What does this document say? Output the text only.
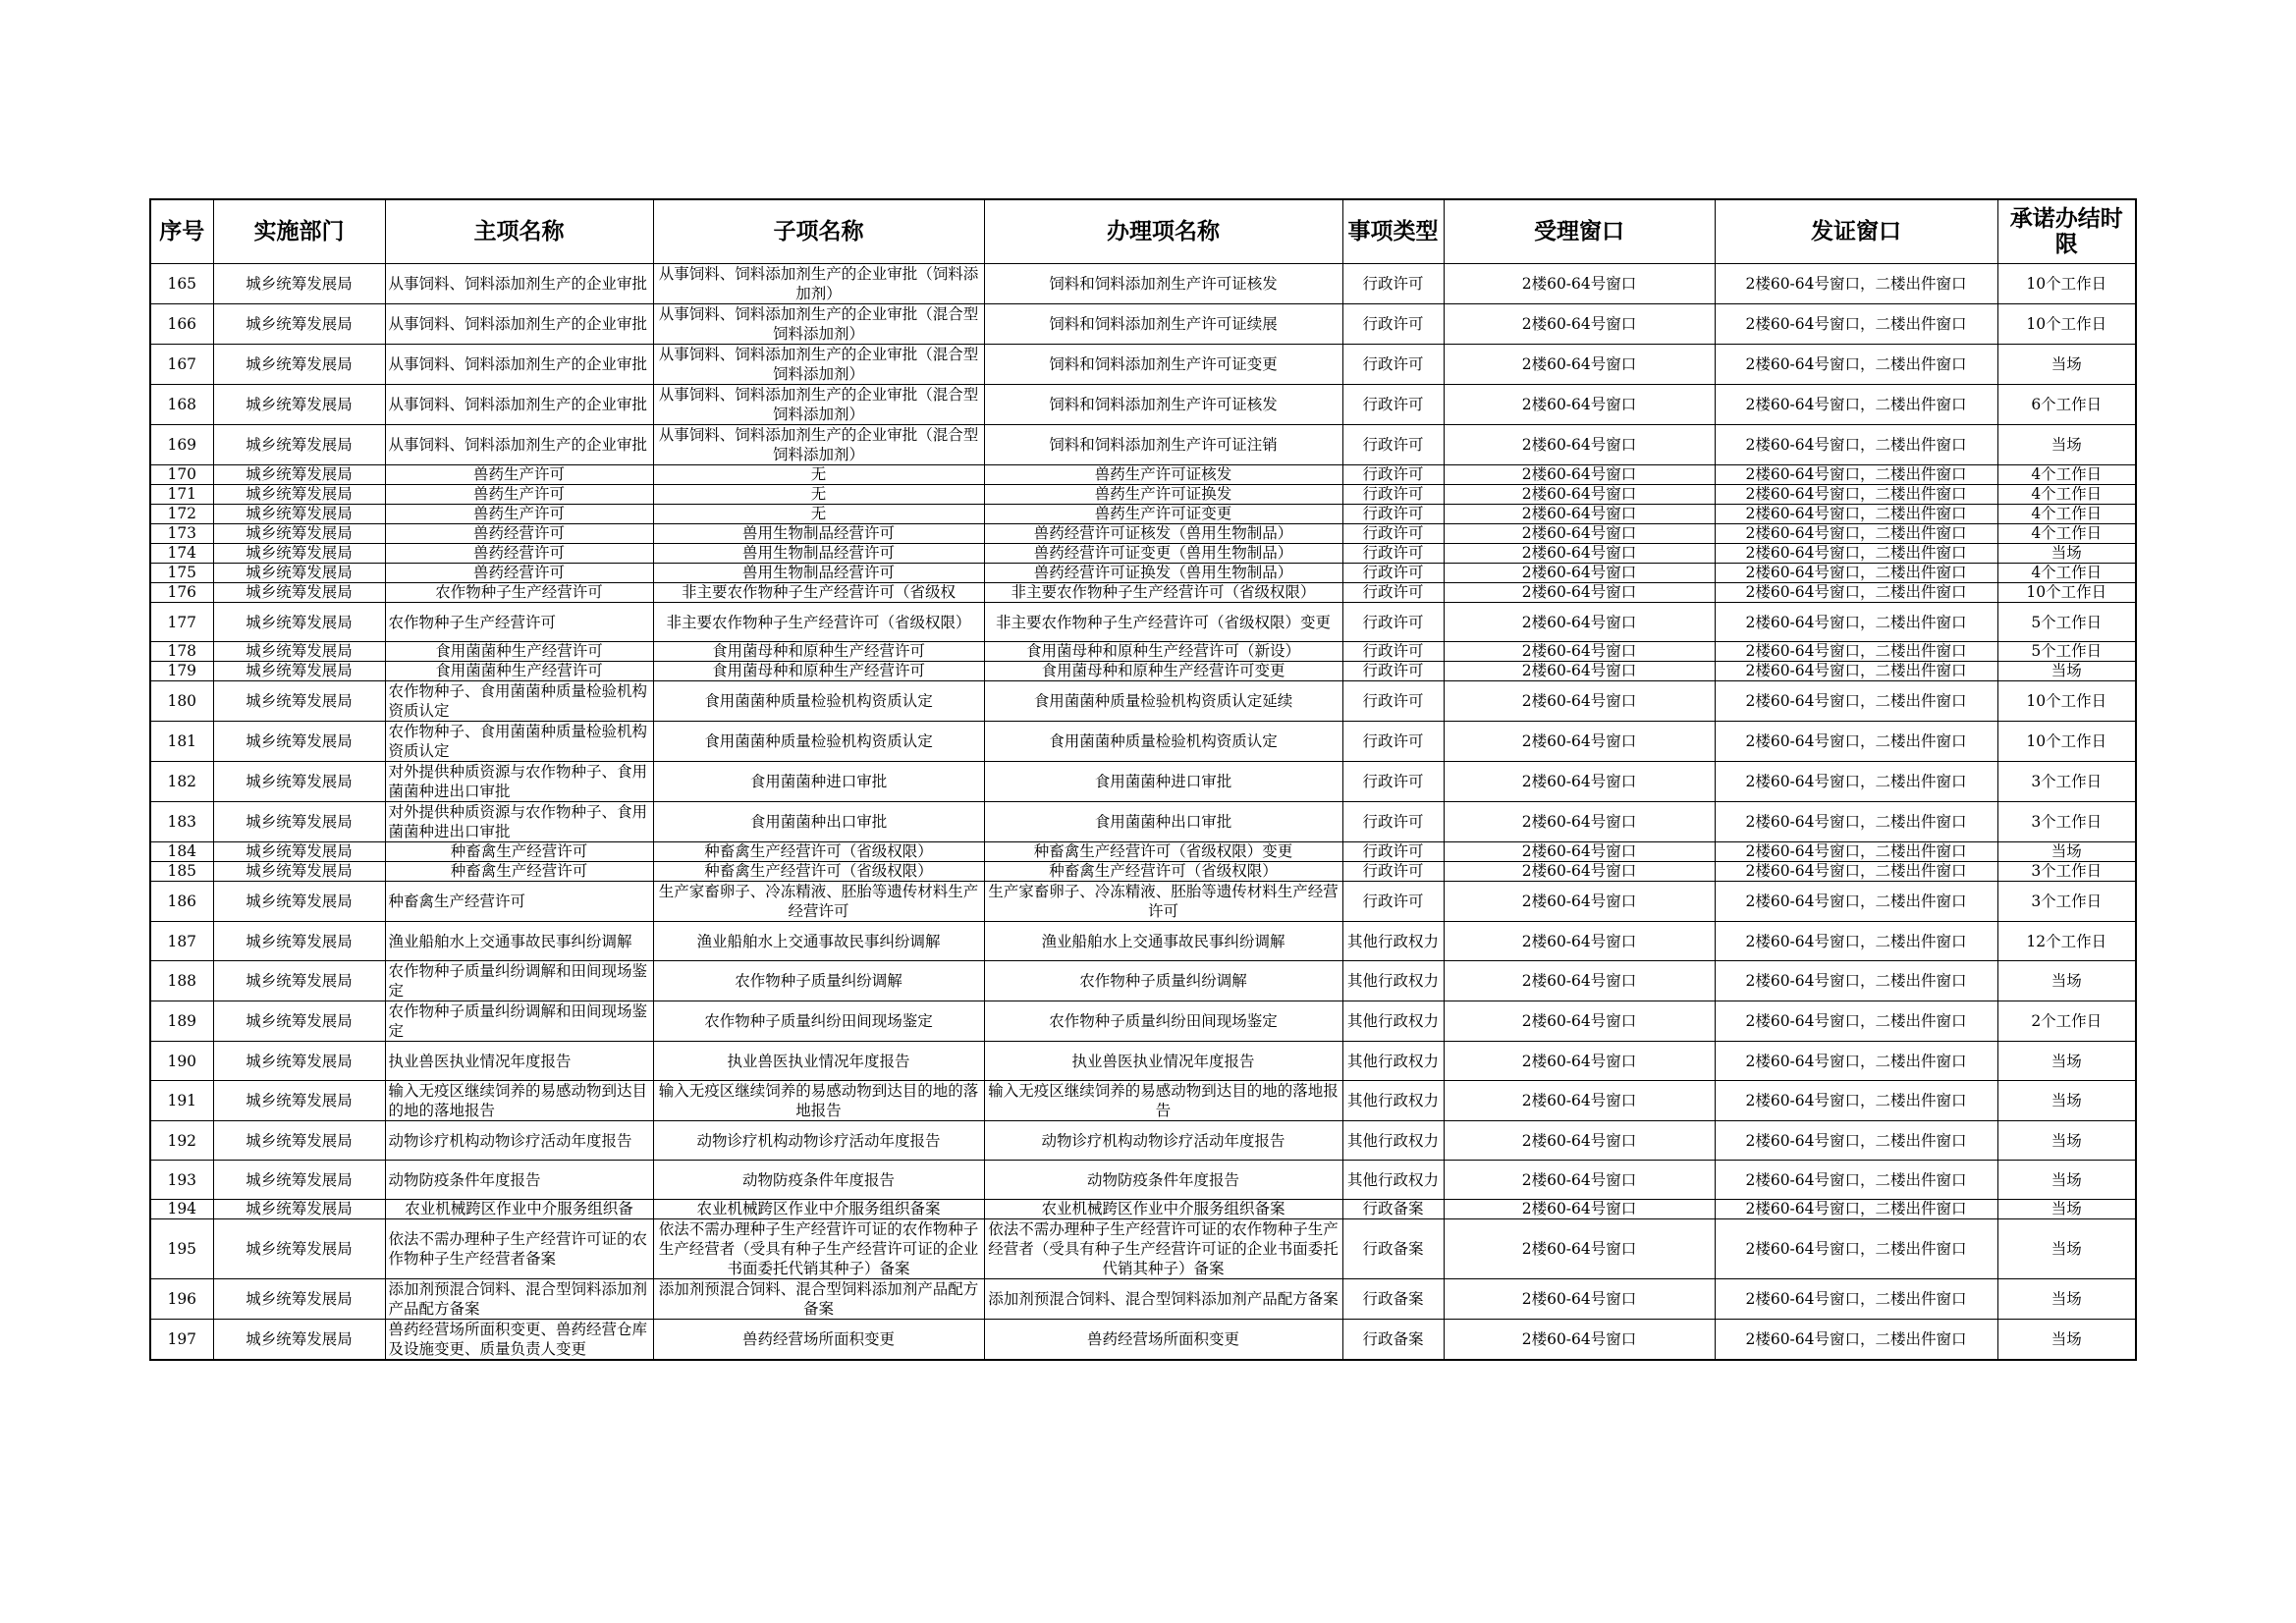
序号	实施部门	主项名称	子项名称	办理项名称	事项类型	受理窗口	发证窗口	承诺办结时限
165	城乡统筹发展局	从事饲料、饲料添加剂生产的企业审批	从事饲料、饲料添加剂生产的企业审批（饲料添加剂）	饲料和饲料添加剂生产许可证核发	行政许可	2楼60-64号窗口	2楼60-64号窗口，二楼出件窗口	10个工作日
166	城乡统筹发展局	从事饲料、饲料添加剂生产的企业审批	从事饲料、饲料添加剂生产的企业审批（混合型饲料添加剂）	饲料和饲料添加剂生产许可证续展	行政许可	2楼60-64号窗口	2楼60-64号窗口，二楼出件窗口	10个工作日
167	城乡统筹发展局	从事饲料、饲料添加剂生产的企业审批	从事饲料、饲料添加剂生产的企业审批（混合型饲料添加剂）	饲料和饲料添加剂生产许可证变更	行政许可	2楼60-64号窗口	2楼60-64号窗口，二楼出件窗口	当场
168	城乡统筹发展局	从事饲料、饲料添加剂生产的企业审批	从事饲料、饲料添加剂生产的企业审批（混合型饲料添加剂）	饲料和饲料添加剂生产许可证核发	行政许可	2楼60-64号窗口	2楼60-64号窗口，二楼出件窗口	6个工作日
169	城乡统筹发展局	从事饲料、饲料添加剂生产的企业审批	从事饲料、饲料添加剂生产的企业审批（混合型饲料添加剂）	饲料和饲料添加剂生产许可证注销	行政许可	2楼60-64号窗口	2楼60-64号窗口，二楼出件窗口	当场
170	城乡统筹发展局	兽药生产许可	无	兽药生产许可证核发	行政许可	2楼60-64号窗口	2楼60-64号窗口，二楼出件窗口	4个工作日
171	城乡统筹发展局	兽药生产许可	无	兽药生产许可证换发	行政许可	2楼60-64号窗口	2楼60-64号窗口，二楼出件窗口	4个工作日
172	城乡统筹发展局	兽药生产许可	无	兽药生产许可证变更	行政许可	2楼60-64号窗口	2楼60-64号窗口，二楼出件窗口	4个工作日
173	城乡统筹发展局	兽药经营许可	兽用生物制品经营许可	兽药经营许可证核发（兽用生物制品）	行政许可	2楼60-64号窗口	2楼60-64号窗口，二楼出件窗口	4个工作日
174	城乡统筹发展局	兽药经营许可	兽用生物制品经营许可	兽药经营许可证变更（兽用生物制品）	行政许可	2楼60-64号窗口	2楼60-64号窗口，二楼出件窗口	当场
175	城乡统筹发展局	兽药经营许可	兽用生物制品经营许可	兽药经营许可证换发（兽用生物制品）	行政许可	2楼60-64号窗口	2楼60-64号窗口，二楼出件窗口	4个工作日
176	城乡统筹发展局	农作物种子生产经营许可	非主要农作物种子生产经营许可（省级权	非主要农作物种子生产经营许可（省级权限）	行政许可	2楼60-64号窗口	2楼60-64号窗口，二楼出件窗口	10个工作日
177	城乡统筹发展局	农作物种子生产经营许可	非主要农作物种子生产经营许可（省级权限）	非主要农作物种子生产经营许可（省级权限）变更	行政许可	2楼60-64号窗口	2楼60-64号窗口，二楼出件窗口	5个工作日
178	城乡统筹发展局	食用菌菌种生产经营许可	食用菌母种和原种生产经营许可	食用菌母种和原种生产经营许可（新设）	行政许可	2楼60-64号窗口	2楼60-64号窗口，二楼出件窗口	5个工作日
179	城乡统筹发展局	食用菌菌种生产经营许可	食用菌母种和原种生产经营许可	食用菌母种和原种生产经营许可变更	行政许可	2楼60-64号窗口	2楼60-64号窗口，二楼出件窗口	当场
180	城乡统筹发展局	农作物种子、食用菌菌种质量检验机构资质认定	食用菌菌种质量检验机构资质认定	食用菌菌种质量检验机构资质认定延续	行政许可	2楼60-64号窗口	2楼60-64号窗口，二楼出件窗口	10个工作日
181	城乡统筹发展局	农作物种子、食用菌菌种质量检验机构资质认定	食用菌菌种质量检验机构资质认定	食用菌菌种质量检验机构资质认定	行政许可	2楼60-64号窗口	2楼60-64号窗口，二楼出件窗口	10个工作日
182	城乡统筹发展局	对外提供种质资源与农作物种子、食用菌菌种进出口审批	食用菌菌种进口审批	食用菌菌种进口审批	行政许可	2楼60-64号窗口	2楼60-64号窗口，二楼出件窗口	3个工作日
183	城乡统筹发展局	对外提供种质资源与农作物种子、食用菌菌种进出口审批	食用菌菌种出口审批	食用菌菌种出口审批	行政许可	2楼60-64号窗口	2楼60-64号窗口，二楼出件窗口	3个工作日
184	城乡统筹发展局	种畜禽生产经营许可	种畜禽生产经营许可（省级权限）	种畜禽生产经营许可（省级权限）变更	行政许可	2楼60-64号窗口	2楼60-64号窗口，二楼出件窗口	当场
185	城乡统筹发展局	种畜禽生产经营许可	种畜禽生产经营许可（省级权限）	种畜禽生产经营许可（省级权限）	行政许可	2楼60-64号窗口	2楼60-64号窗口，二楼出件窗口	3个工作日
186	城乡统筹发展局	种畜禽生产经营许可	生产家畜卵子、冷冻精液、胚胎等遗传材料生产经营许可	生产家畜卵子、冷冻精液、胚胎等遗传材料生产经营许可	行政许可	2楼60-64号窗口	2楼60-64号窗口，二楼出件窗口	3个工作日
187	城乡统筹发展局	渔业船舶水上交通事故民事纠纷调解	渔业船舶水上交通事故民事纠纷调解	渔业船舶水上交通事故民事纠纷调解	其他行政权力	2楼60-64号窗口	2楼60-64号窗口，二楼出件窗口	12个工作日
188	城乡统筹发展局	农作物种子质量纠纷调解和田间现场鉴定	农作物种子质量纠纷调解	农作物种子质量纠纷调解	其他行政权力	2楼60-64号窗口	2楼60-64号窗口，二楼出件窗口	当场
189	城乡统筹发展局	农作物种子质量纠纷调解和田间现场鉴定	农作物种子质量纠纷田间现场鉴定	农作物种子质量纠纷田间现场鉴定	其他行政权力	2楼60-64号窗口	2楼60-64号窗口，二楼出件窗口	2个工作日
190	城乡统筹发展局	执业兽医执业情况年度报告	执业兽医执业情况年度报告	执业兽医执业情况年度报告	其他行政权力	2楼60-64号窗口	2楼60-64号窗口，二楼出件窗口	当场
191	城乡统筹发展局	输入无疫区继续饲养的易感动物到达目的地的落地报告	输入无疫区继续饲养的易感动物到达目的地的落地报告	输入无疫区继续饲养的易感动物到达目的地的落地报告	其他行政权力	2楼60-64号窗口	2楼60-64号窗口，二楼出件窗口	当场
192	城乡统筹发展局	动物诊疗机构动物诊疗活动年度报告	动物诊疗机构动物诊疗活动年度报告	动物诊疗机构动物诊疗活动年度报告	其他行政权力	2楼60-64号窗口	2楼60-64号窗口，二楼出件窗口	当场
193	城乡统筹发展局	动物防疫条件年度报告	动物防疫条件年度报告	动物防疫条件年度报告	其他行政权力	2楼60-64号窗口	2楼60-64号窗口，二楼出件窗口	当场
194	城乡统筹发展局	农业机械跨区作业中介服务组织备	农业机械跨区作业中介服务组织备案	农业机械跨区作业中介服务组织备案	行政备案	2楼60-64号窗口	2楼60-64号窗口，二楼出件窗口	当场
195	城乡统筹发展局	依法不需办理种子生产经营许可证的农作物种子生产经营者备案	依法不需办理种子生产经营许可证的农作物种子生产经营者（受具有种子生产经营许可证的企业书面委托代销其种子）备案	依法不需办理种子生产经营许可证的农作物种子生产经营者（受具有种子生产经营许可证的企业书面委托代销其种子）备案	行政备案	2楼60-64号窗口	2楼60-64号窗口，二楼出件窗口	当场
196	城乡统筹发展局	添加剂预混合饲料、混合型饲料添加剂产品配方备案	添加剂预混合饲料、混合型饲料添加剂产品配方备案	添加剂预混合饲料、混合型饲料添加剂产品配方备案	行政备案	2楼60-64号窗口	2楼60-64号窗口，二楼出件窗口	当场
197	城乡统筹发展局	兽药经营场所面积变更、兽药经营仓库及设施变更、质量负责人变更	兽药经营场所面积变更	兽药经营场所面积变更	行政备案	2楼60-64号窗口	2楼60-64号窗口，二楼出件窗口	当场
